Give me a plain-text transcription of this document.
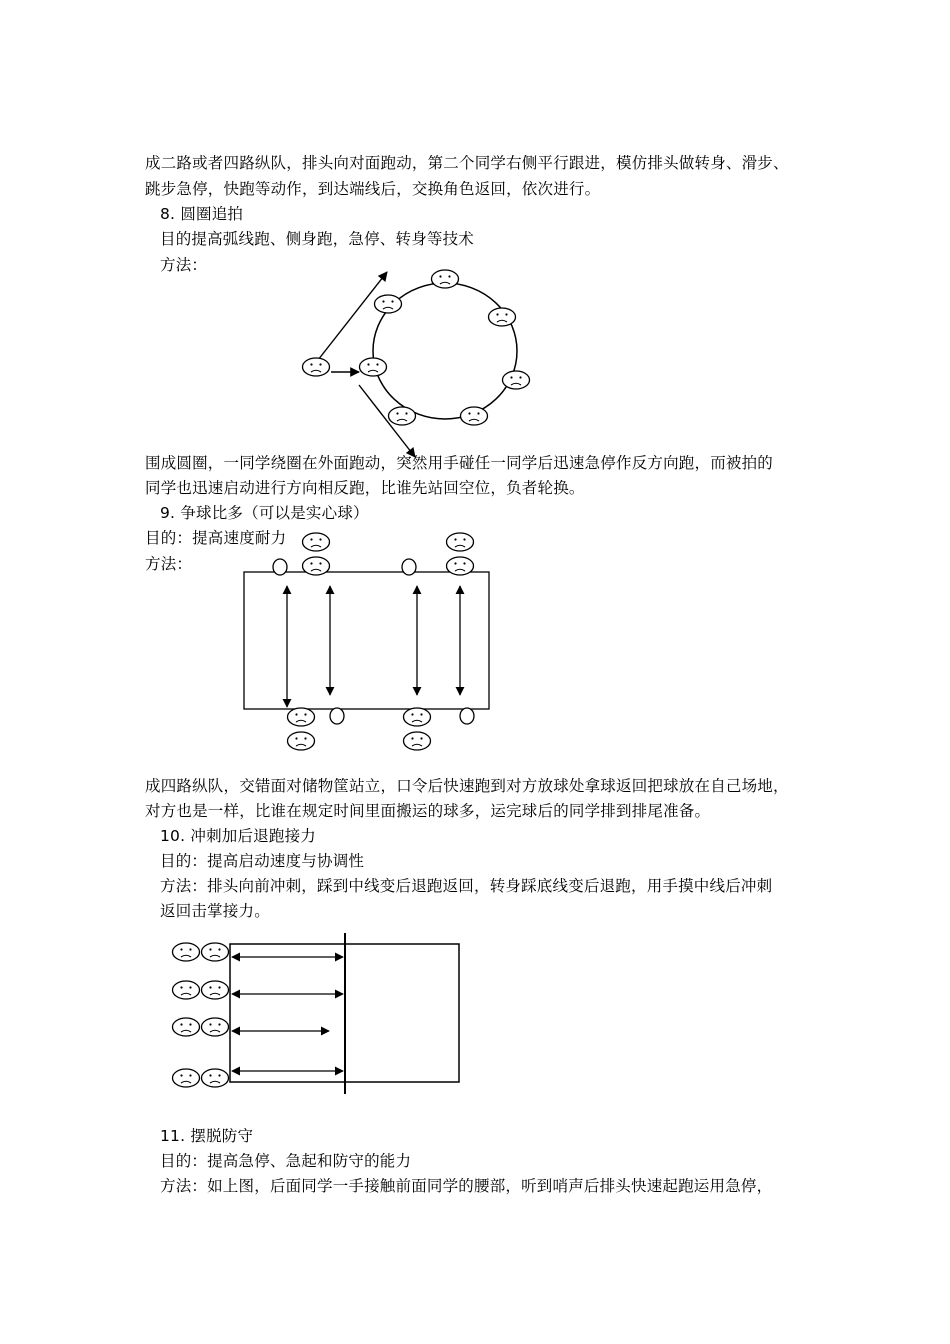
成二路或者四路纵队，排头向对面跑动，第二个同学右侧平行跟进，模仿排头做转身、滑步、
跳步急停，快跑等动作，到达端线后，交换角色返回，依次进行。
8. 圆圈追拍
目的提高弧线跑、侧身跑，急停、转身等技术
方法：
围成圆圈，一同学绕圈在外面跑动，突然用手碰任一同学后迅速急停作反方向跑，而被拍的
同学也迅速启动进行方向相反跑，比谁先站回空位，负者轮换。
9. 争球比多（可以是实心球）
目的：提高速度耐力
方法：
成四路纵队，交错面对储物筐站立，口令后快速跑到对方放球处拿球返回把球放在自己场地，
对方也是一样，比谁在规定时间里面搬运的球多，运完球后的同学排到排尾准备。
10. 冲刺加后退跑接力
目的：提高启动速度与协调性
方法：排头向前冲刺，踩到中线变后退跑返回，转身踩底线变后退跑，用手摸中线后冲刺
返回击掌接力。
11. 摆脱防守
目的：提高急停、急起和防守的能力
方法：如上图，后面同学一手接触前面同学的腰部，听到哨声后排头快速起跑运用急停，
